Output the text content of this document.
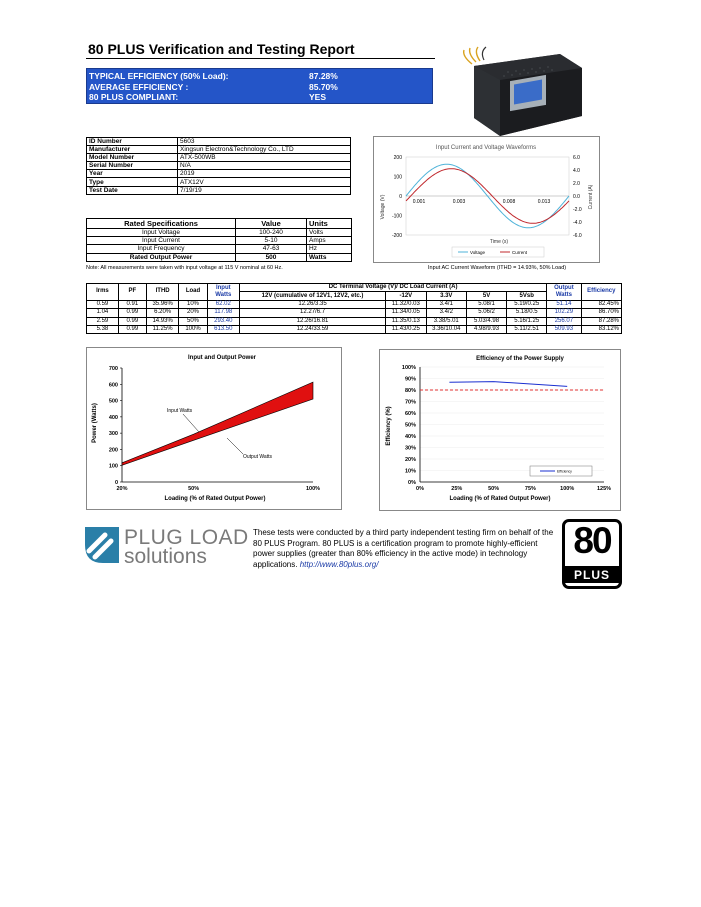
80 PLUS Verification and Testing Report
TYPICAL EFFICIENCY (50% Load):	87.28%
AVERAGE EFFICIENCY :	85.70%
80 PLUS COMPLIANT:	YES
ID Number	5603
Manufacturer	Xingsun Electron&Technology Co., LTD
Model Number	ATX-500WB
Serial Number	N/A
Year	2019
Type	ATX12V
Test Date	7/19/19
Rated Specifications	Value	Units
Input Voltage	100-240	Volts
Input Current	5-10	Amps
Input Frequency	47-63	Hz
Rated Output Power	500	Watts
Note: All measurements were taken with input voltage at 115 V nominal at 60 Hz.
Input Current and Voltage Waveforms
Voltage (V)	Current (A)
Time (s)
200
100
0
-100
-200
6.0
4.0
2.0
0.0
-2.0
-4.0
-6.0
0.001	0.003	0.008	0.013
Voltage	Current
Input AC Current Waveform (ITHD = 14.93%, 50% Load)
Irms	PF	ITHD	Load	Input Watts	DC Terminal Voltage (V)/ DC Load Current (A)					Output Watts	Efficiency
					12V (cumulative of 12V1, 12V2, etc.)	-12V	3.3V	5V	5Vsb		
0.59	0.91	35.96%	10%	62.02	12.26/3.35	11.32/0.03	3.4/1	5.08/1	5.19/0.25	51.14	82.45%
1.04	0.99	6.20%	20%	117.98	12.27/6.7	11.34/0.05	3.4/2	5.06/2	5.18/0.5	102.29	86.70%
2.59	0.99	14.93%	50%	293.40	12.26/16.81	11.35/0.13	3.38/5.01	5.03/4.98	5.16/1.25	256.07	87.28%
5.38	0.99	11.25%	100%	613.50	12.24/33.59	11.43/0.25	3.36/10.04	4.98/9.93	5.11/2.51	509.93	83.12%
Input and Output Power
Power (Watts)
Loading (% of Rated Output Power)
0
100
200
300
400
500
600
700
20%	50%	100%
Input Watts
Output Watts
Efficiency of the Power Supply
Efficiency (%)
Loading (% of Rated Output Power)
0%
10%
20%
30%
40%
50%
60%
70%
80%
90%
100%
0%	25%	50%	75%	100%	125%
Efficiency
PLUG LOAD
solutions
These tests were conducted by a third party independent testing firm on behalf of the 80 PLUS Program. 80 PLUS is a certification program to promote highly-efficient power supplies (greater than 80% efficiency in the active mode) in technology applications. http://www.80plus.org/
80
PLUS
